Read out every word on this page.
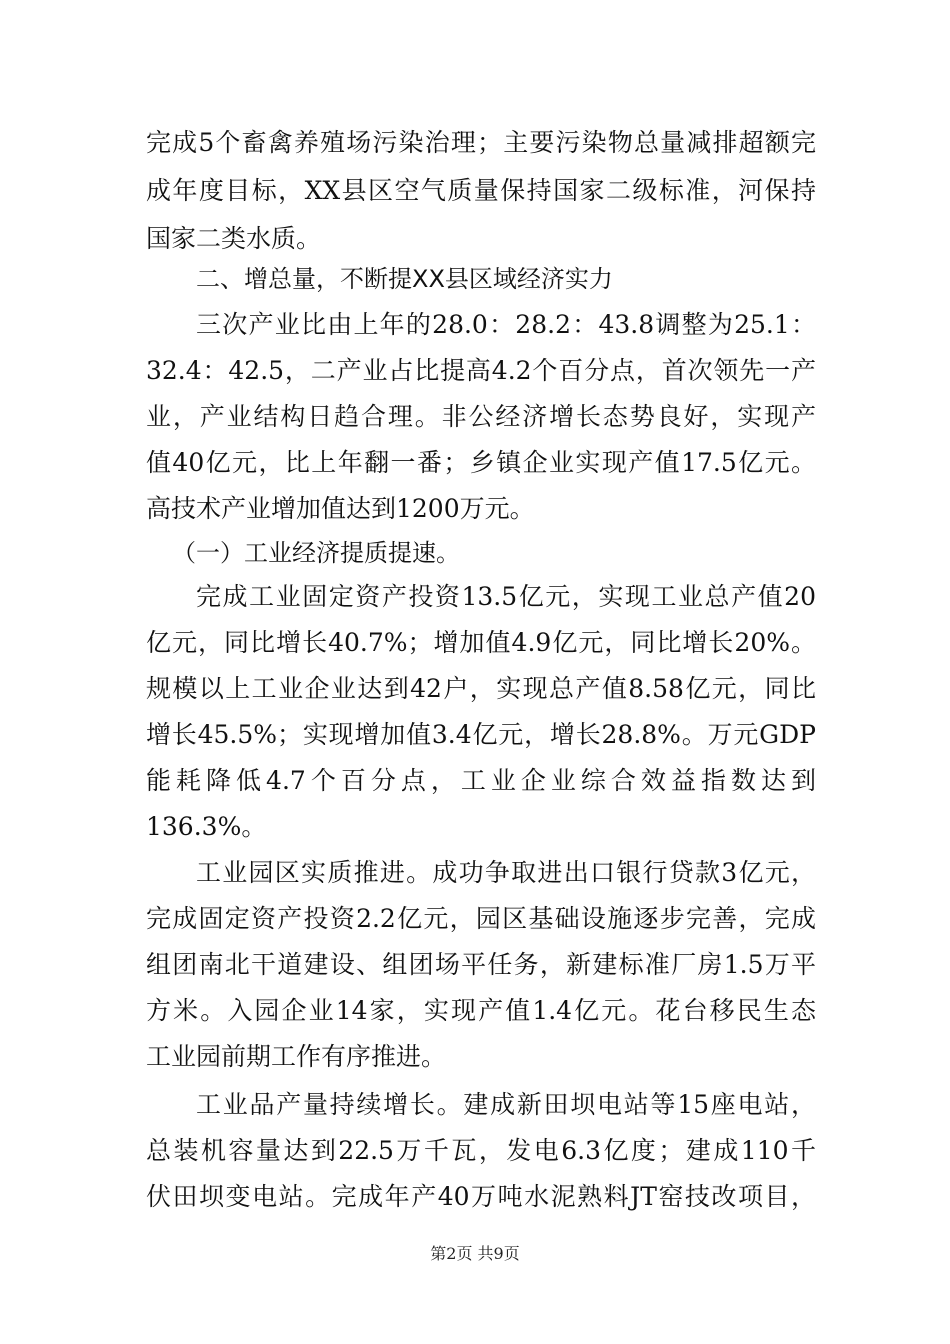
完成5个畜禽养殖场污染治理；主要污染物总量减排超额完
成年度目标，XX县区空气质量保持国家二级标准，河保持
国家二类水质。
二、增总量，不断提XX县区域经济实力
三次产业比由上年的28.0：28.2：43.8调整为25.1：
32.4：42.5，二产业占比提高4.2个百分点，首次领先一产
业，产业结构日趋合理。非公经济增长态势良好，实现产
值40亿元，比上年翻一番；乡镇企业实现产值17.5亿元。
高技术产业增加值达到1200万元。
（一）工业经济提质提速。
完成工业固定资产投资13.5亿元，实现工业总产值20
亿元，同比增长40.7%；增加值4.9亿元，同比增长20%。
规模以上工业企业达到42户，实现总产值8.58亿元，同比
增长45.5%；实现增加值3.4亿元，增长28.8%。万元GDP
能耗降低4.7个百分点，工业企业综合效益指数达到
136.3%。
工业园区实质推进。成功争取进出口银行贷款3亿元，
完成固定资产投资2.2亿元，园区基础设施逐步完善，完成
组团南北干道建设、组团场平任务，新建标准厂房1.5万平
方米。入园企业14家，实现产值1.4亿元。花台移民生态
工业园前期工作有序推进。
工业品产量持续增长。建成新田坝电站等15座电站，
总装机容量达到22.5万千瓦，发电6.3亿度；建成110千
伏田坝变电站。完成年产40万吨水泥熟料JT窑技改项目，
第2页 共9页
